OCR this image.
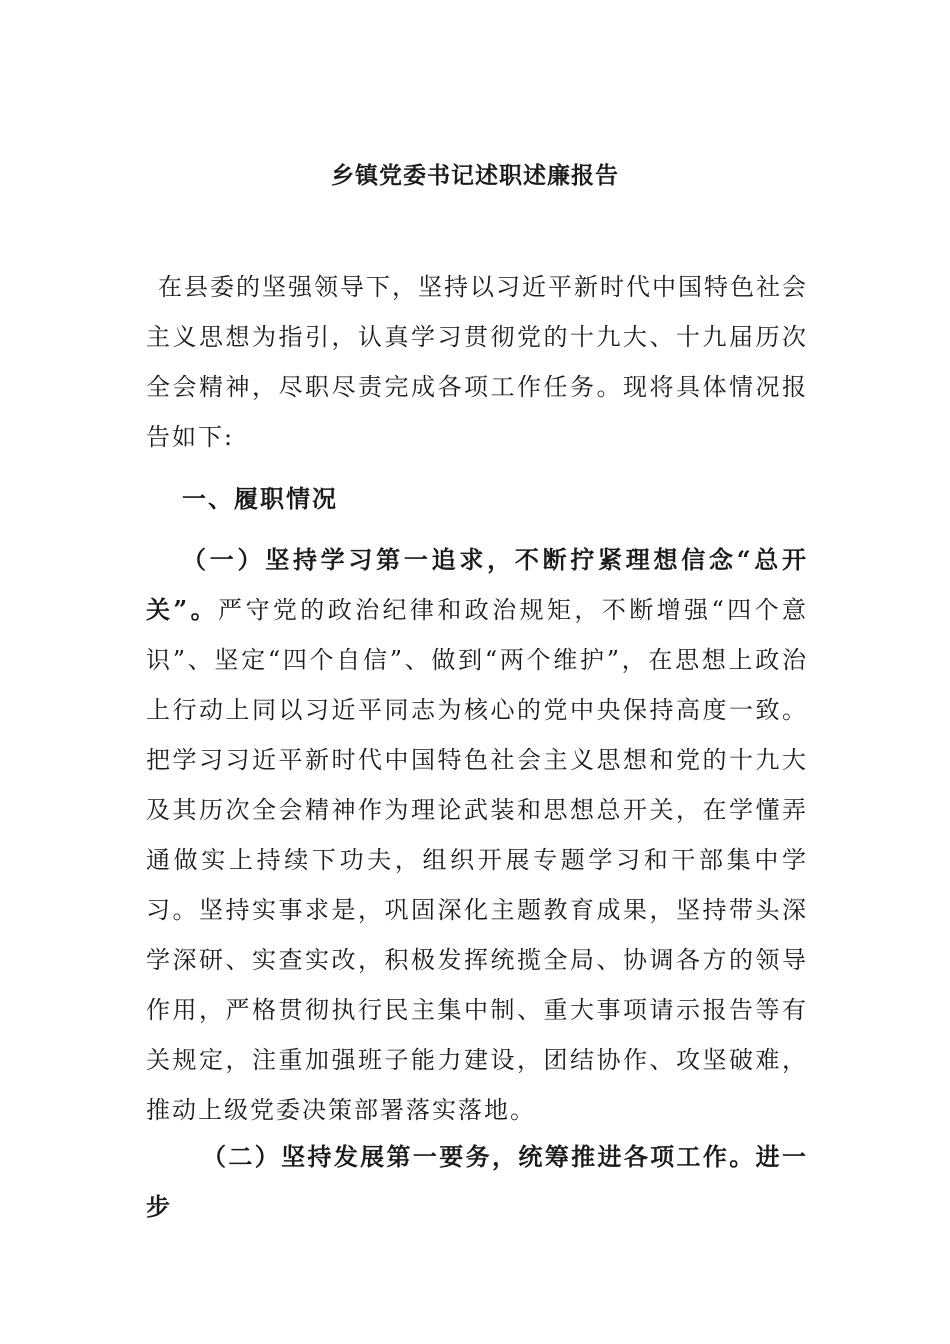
乡镇党委书记述职述廉报告

在县委的坚强领导下，坚持以习近平新时代中国特色社会主义思想为指引，认真学习贯彻党的十九大、十九届历次全会精神，尽职尽责完成各项工作任务。现将具体情况报告如下:

一、履职情况

（一）坚持学习第一追求，不断拧紧理想信念“总开关”。严守党的政治纪律和政治规矩，不断增强“四个意识”、坚定“四个自信”、做到“两个维护”，在思想上政治上行动上同以习近平同志为核心的党中央保持高度一致。把学习习近平新时代中国特色社会主义思想和党的十九大及其历次全会精神作为理论武装和思想总开关，在学懂弄通做实上持续下功夫，组织开展专题学习和干部集中学习。坚持实事求是，巩固深化主题教育成果，坚持带头深学深研、实查实改，积极发挥统揽全局、协调各方的领导作用，严格贯彻执行民主集中制、重大事项请示报告等有关规定，注重加强班子能力建设，团结协作、攻坚破难，推动上级党委决策部署落实落地。

（二）坚持发展第一要务，统筹推进各项工作。进一步
